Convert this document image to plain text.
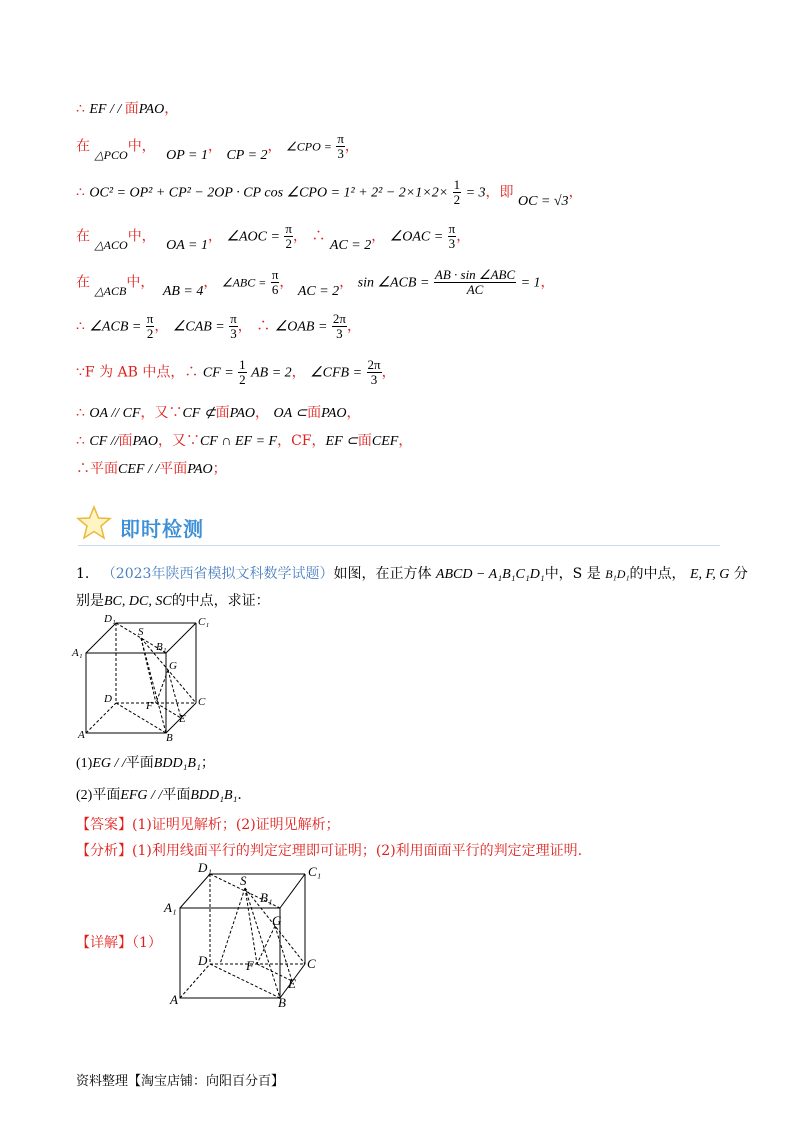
∴ EF / / 面PAO，
在 △PCO中， OP = 1， CP = 2， ∠CPO = $\frac{\pi}{3}$ ，
∴ OC² = OP² + CP² − 2OP · CP cos ∠CPO = $1^2 + 2^2 - 2\times 1\times 2\times \frac{1}{2} = 3$，即 OC = √3，
在 △ACO中， OA = 1， ∠AOC = $\frac{\pi}{2}$ ， ∴ AC = 2， ∠OAC = $\frac{\pi}{3}$ ，
在 △ACB中， AB = 4， ∠ABC = $\frac{\pi}{6}$ ， AC = 2， sin ∠ACB = $\frac{\text{AB · sin ∠ABC}}{AC} = 1$，
∴ ∠ACB = $\frac{\pi}{2}$ ， ∠CAB = $\frac{\pi}{3}$ ， ∴ ∠OAB = $\frac{2\pi}{3}$ ，
∵F 为 AB 中点，∴ CF = $\frac{1}{2}$ AB = 2， ∠CFB = $\frac{2\pi}{3}$ ，
∴ OA // CF，又∵CF ⊄面PAO， OA ⊂面PAO，
∴ CF //面PAO，又∵CF ∩ EF = F，CF，EF ⊂面CEF，
∴平面CEF / /平面PAO；
即时检测
1. （2023年陕西省模拟文科数学试题）如图，在正方体 ABCD − A₁B₁C₁D₁中，S 是 B₁D₁的中点， E, F, G 分
别是BC, DC, SC的中点，求证：
D₁	C₁
A₁	B₁
S
G
D	C
F
E
A	B
(1)EG / /平面BDD₁B₁；
(2)平面EFG / /平面BDD₁B₁.
【答案】(1)证明见解析；(2)证明见解析；
【分析】(1)利用线面平行的判定定理即可证明；(2)利用面面平行的判定定理证明.
【详解】（1）
D₁	C₁
A₁
B₁
S
G
D	C
F
E
A	B
资料整理【淘宝店铺：向阳百分百】
